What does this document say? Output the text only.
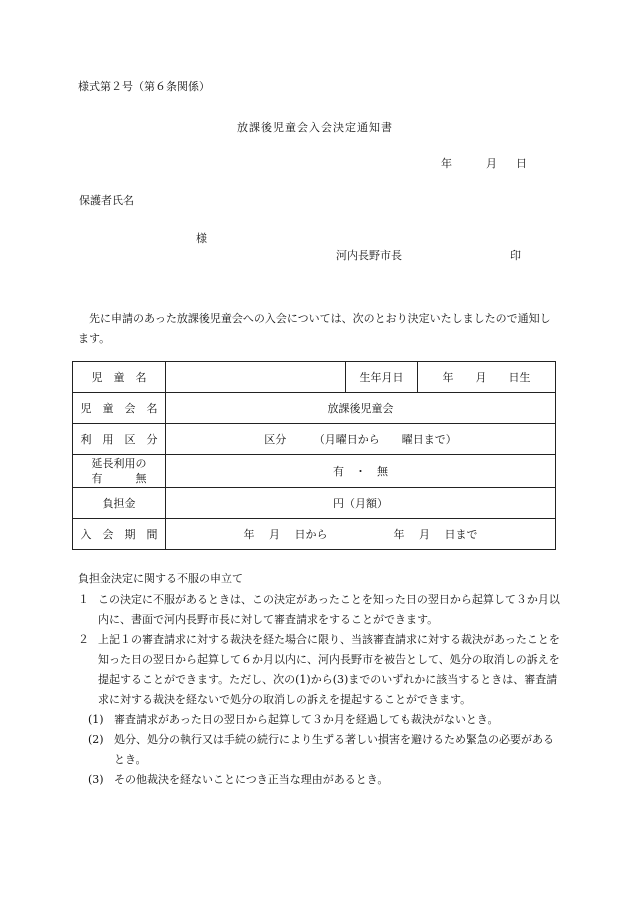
様式第２号（第６条関係）
放課後児童会入会決定通知書
年	月 日
保護者氏名
様
河内長野市長	印
先に申請のあった放課後児童会への入会については、次のとおり決定いたしましたので通知します。
児　童　名		生年月日	年　　月　　日生
児　童　会　名	放課後児童会		
利　用　区　分	区分　　　（月曜日から　　曜日まで）		

延長利用の
有　　　無	有　・　無		
負担金	円（月額）		
入　会　期　間	年　 月　 日から　　　　　　年　 月　 日まで		
負担金決定に関する不服の申立て
１ この決定に不服があるときは、この決定があったことを知った日の翌日から起算して３か月以内に、書面で河内長野市長に対して審査請求をすることができます。
２ 上記１の審査請求に対する裁決を経た場合に限り、当該審査請求に対する裁決があったことを知った日の翌日から起算して６か月以内に、河内長野市を被告として、処分の取消しの訴えを提起することができます。ただし、次の(1)から(3)までのいずれかに該当するときは、審査請求に対する裁決を経ないで処分の取消しの訴えを提起することができます。
(1) 審査請求があった日の翌日から起算して３か月を経過しても裁決がないとき。
(2) 処分、処分の執行又は手続の続行により生ずる著しい損害を避けるため緊急の必要があるとき。
(3) その他裁決を経ないことにつき正当な理由があるとき。
